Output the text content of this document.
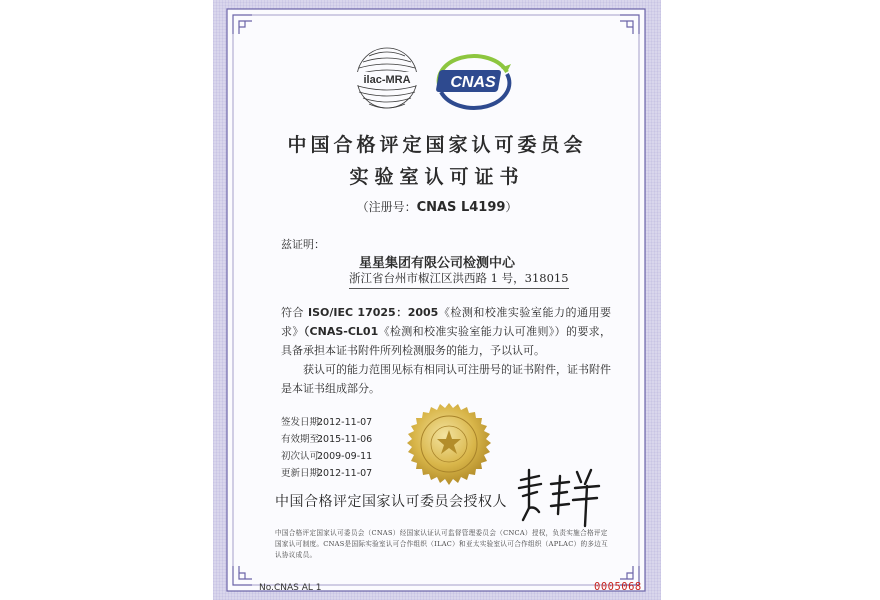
ilac-MRA CNAS
中国合格评定国家认可委员会
实验室认可证书
（注册号：CNAS L4199）
兹证明：
星星集团有限公司检测中心
浙江省台州市椒江区洪西路 1 号，318015

符合 ISO/IEC 17025：2005《检测和校准实验室能力的通用要求》（CNAS-CL01《检测和校准实验室能力认可准则》）的要求，具备承担本证书附件所列检测服务的能力，予以认可。

获认可的能力范围见标有相同认可注册号的证书附件，证书附件是本证书组成部分。

签发日期：2012-11-07
有效期至：2015-11-06
初次认可：2009-09-11
更新日期：2012-11-07
中国合格评定国家认可委员会授权人
中国合格评定国家认可委员会（CNAS）经国家认证认可监督管理委员会（CNCA）授权，负责实施合格评定国家认可制度。CNAS是国际实验室认可合作组织（ILAC）和亚太实验室认可合作组织（APLAC）的多边互认协议成员。
No.CNAS AL 1	0005068
